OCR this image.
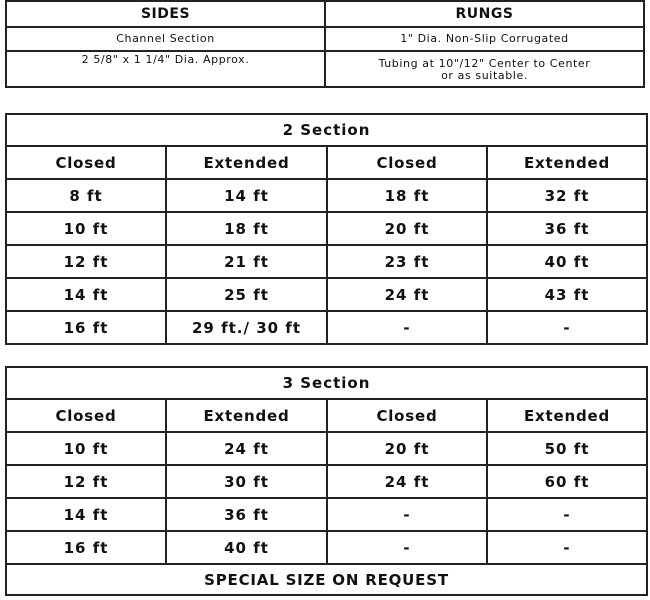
SIDES	RUNGS
Channel Section	1" Dia. Non-Slip Corrugated
2 5/8" x 1 1/4" Dia. Approx.	Tubing at 10"/12" Center to Center or as suitable.
2 Section			
Closed	Extended	Closed	Extended
8 ft	14 ft	18 ft	32 ft
10 ft	18 ft	20 ft	36 ft
12 ft	21 ft	23 ft	40 ft
14 ft	25 ft	24 ft	43 ft
16 ft	29 ft./ 30 ft	-	-
3 Section			
Closed	Extended	Closed	Extended
10 ft	24 ft	20 ft	50 ft
12 ft	30 ft	24 ft	60 ft
14 ft	36 ft	-	-
16 ft	40 ft	-	-
SPECIAL SIZE ON REQUEST			
